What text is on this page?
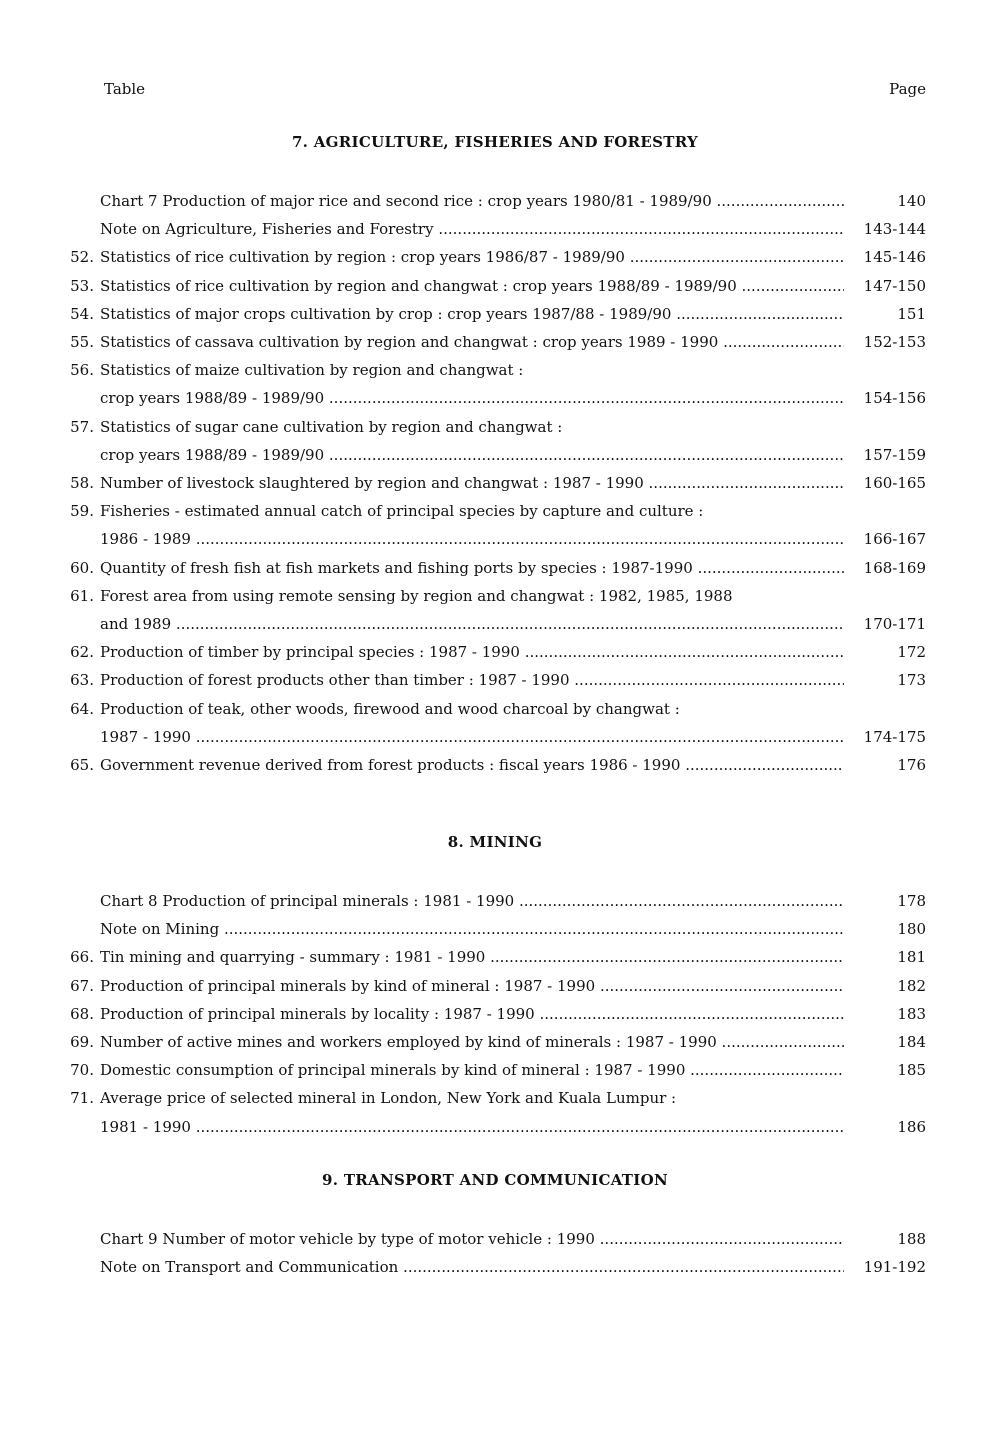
Table	Page
7. AGRICULTURE, FISHERIES AND FORESTRY
Chart 7 Production of major rice and second rice : crop years 1980/81 - 1989/90 .....	140
Note on Agriculture, Fisheries and Forestry .....	143-144
52. Statistics of rice cultivation by region : crop years 1986/87 - 1989/90 .....	145-146
53. Statistics of rice cultivation by region and changwat : crop years 1988/89 - 1989/90 .....	147-150
54. Statistics of major crops cultivation by crop : crop years 1987/88 - 1989/90 .....	151
55. Statistics of cassava cultivation by region and changwat : crop years 1989 - 1990 .....	152-153
56. Statistics of maize cultivation by region and changwat :
crop years 1988/89 - 1989/90 .....	154-156
57. Statistics of sugar cane cultivation by region and changwat :
crop years 1988/89 - 1989/90 .....	157-159
58. Number of livestock slaughtered by region and changwat : 1987 - 1990 .....	160-165
59. Fisheries - estimated annual catch of principal species by capture and culture :
1986 - 1989 .....	166-167
60. Quantity of fresh fish at fish markets and fishing ports by species : 1987-1990 .....	168-169
61. Forest area from using remote sensing by region and changwat : 1982, 1985, 1988
and 1989 .....	170-171
62. Production of timber by principal species : 1987 - 1990 .....	172
63. Production of forest products other than timber : 1987 - 1990 .....	173
64. Production of teak, other woods, firewood and wood charcoal by changwat :
1987 - 1990 .....	174-175
65. Government revenue derived from forest products : fiscal years 1986 - 1990 .....	176
8. MINING
Chart 8 Production of principal minerals : 1981 - 1990 .....	178
Note on Mining .....	180
66. Tin mining and quarrying - summary : 1981 - 1990 .....	181
67. Production of principal minerals by kind of mineral : 1987 - 1990 .....	182
68. Production of principal minerals by locality : 1987 - 1990 .....	183
69. Number of active mines and workers employed by kind of minerals : 1987 - 1990 .....	184
70. Domestic consumption of principal minerals by kind of mineral : 1987 - 1990 .....	185
71. Average price of selected mineral in London, New York and Kuala Lumpur :
1981 - 1990 .....	186
9. TRANSPORT AND COMMUNICATION
Chart 9 Number of motor vehicle by type of motor vehicle : 1990 .....	188
Note on Transport and Communication .....	191-192
